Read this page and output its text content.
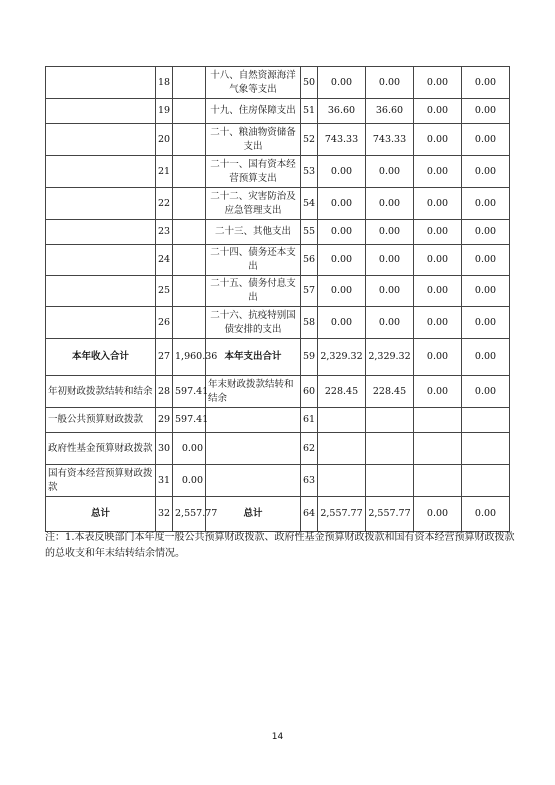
	18		十八、自然资源海洋气象等支出	50	0.00	0.00	0.00	0.00
	19		十九、住房保障支出	51	36.60	36.60	0.00	0.00
	20		二十、粮油物资储备支出	52	743.33	743.33	0.00	0.00
	21		二十一、国有资本经营预算支出	53	0.00	0.00	0.00	0.00
	22		二十二、灾害防治及应急管理支出	54	0.00	0.00	0.00	0.00
	23		二十三、其他支出	55	0.00	0.00	0.00	0.00
	24		二十四、债务还本支出	56	0.00	0.00	0.00	0.00
	25		二十五、债务付息支出	57	0.00	0.00	0.00	0.00
	26		二十六、抗疫特别国债安排的支出	58	0.00	0.00	0.00	0.00
本年收入合计	27	1,960.36	本年支出合计	59	2,329.32	2,329.32	0.00	0.00
年初财政拨款结转和结余	28	597.41	年末财政拨款结转和结余	60	228.45	228.45	0.00	0.00
一般公共预算财政拨款	29	597.41		61				
政府性基金预算财政拨款	30	0.00		62				
国有资本经营预算财政拨款	31	0.00		63				
总计	32	2,557.77	总计	64	2,557.77	2,557.77	0.00	0.00
注：1.本表反映部门本年度一般公共预算财政拨款、政府性基金预算财政拨款和国有资本经营预算财政拨款的总收支和年末结转结余情况。
14
